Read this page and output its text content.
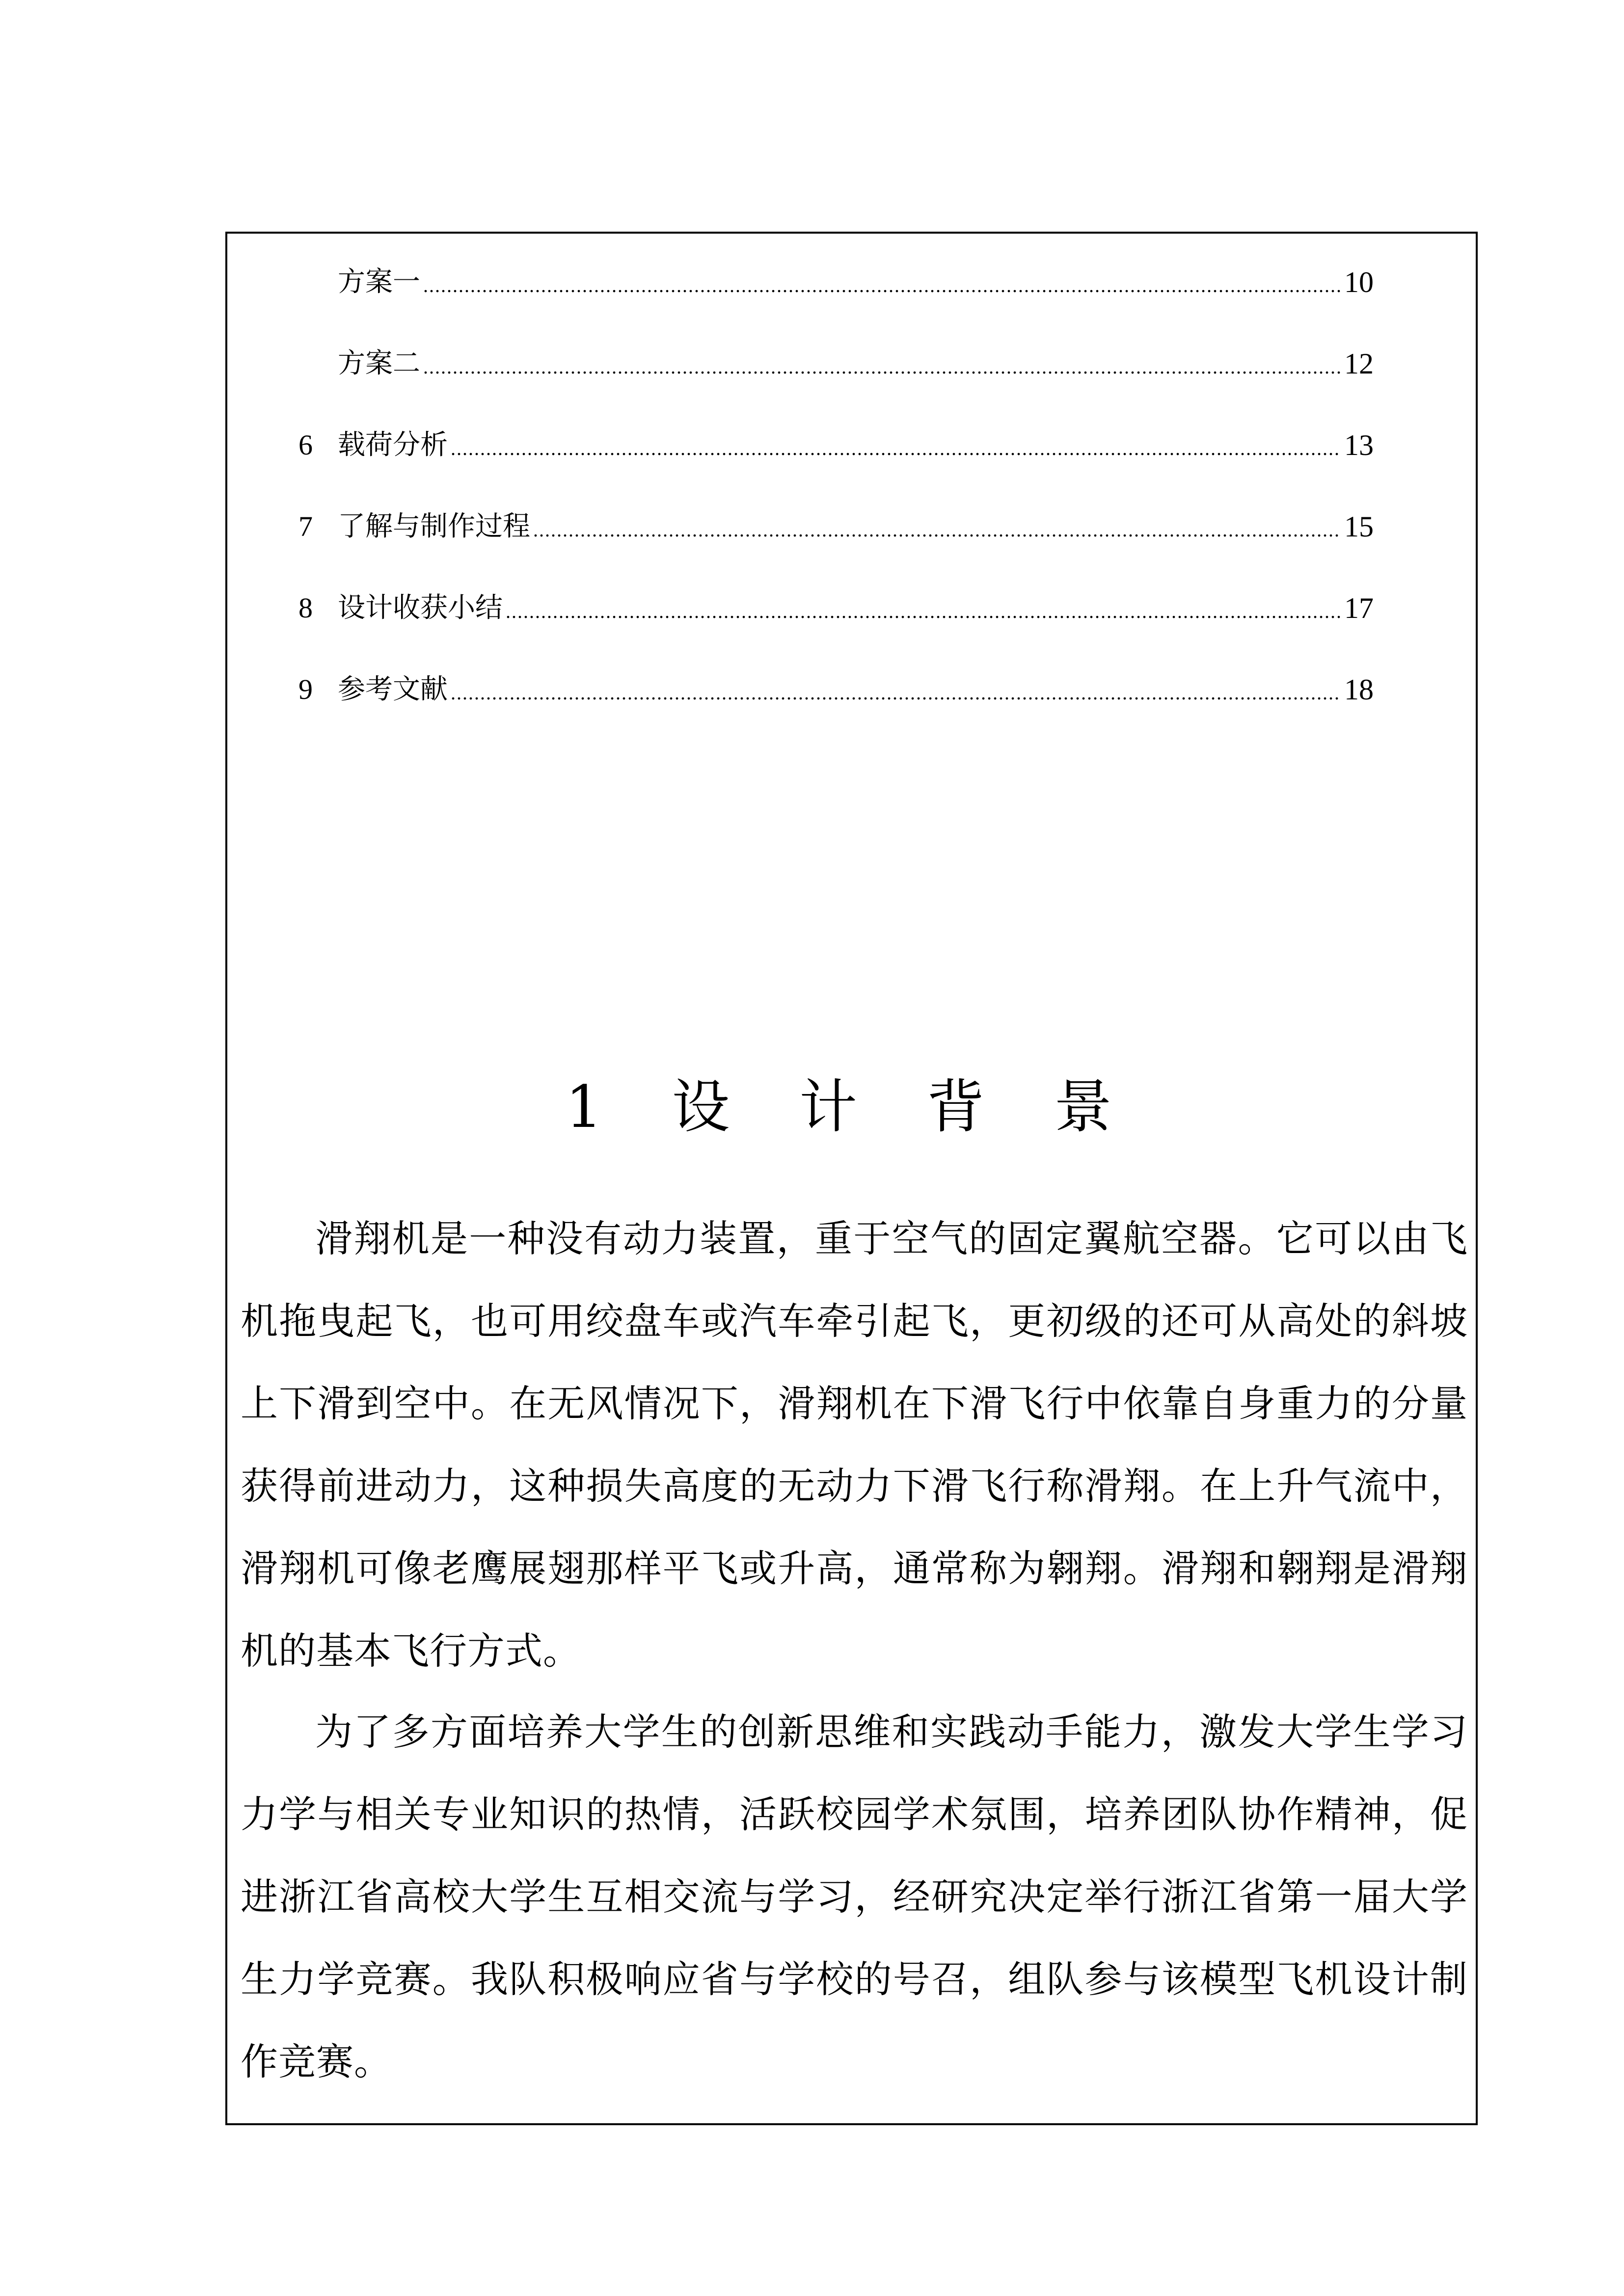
方案一 .....	10
方案二 .....	12
6 载荷分析 .....	13
7 了解与制作过程 .....	15
8 设计收获小结 .....	17
9 参考文献 .....	18
1 设 计 背 景

滑翔机是一种没有动力装置，重于空气的固定翼航空器。它可以由飞机拖曳起飞，也可用绞盘车或汽车牵引起飞，更初级的还可从高处的斜坡上下滑到空中。在无风情况下，滑翔机在下滑飞行中依靠自身重力的分量获得前进动力，这种损失高度的无动力下滑飞行称滑翔。在上升气流中，滑翔机可像老鹰展翅那样平飞或升高，通常称为翱翔。滑翔和翱翔是滑翔机的基本飞行方式。

为了多方面培养大学生的创新思维和实践动手能力，激发大学生学习力学与相关专业知识的热情，活跃校园学术氛围，培养团队协作精神，促进浙江省高校大学生互相交流与学习，经研究决定举行浙江省第一届大学生力学竞赛。我队积极响应省与学校的号召，组队参与该模型飞机设计制作竞赛。
